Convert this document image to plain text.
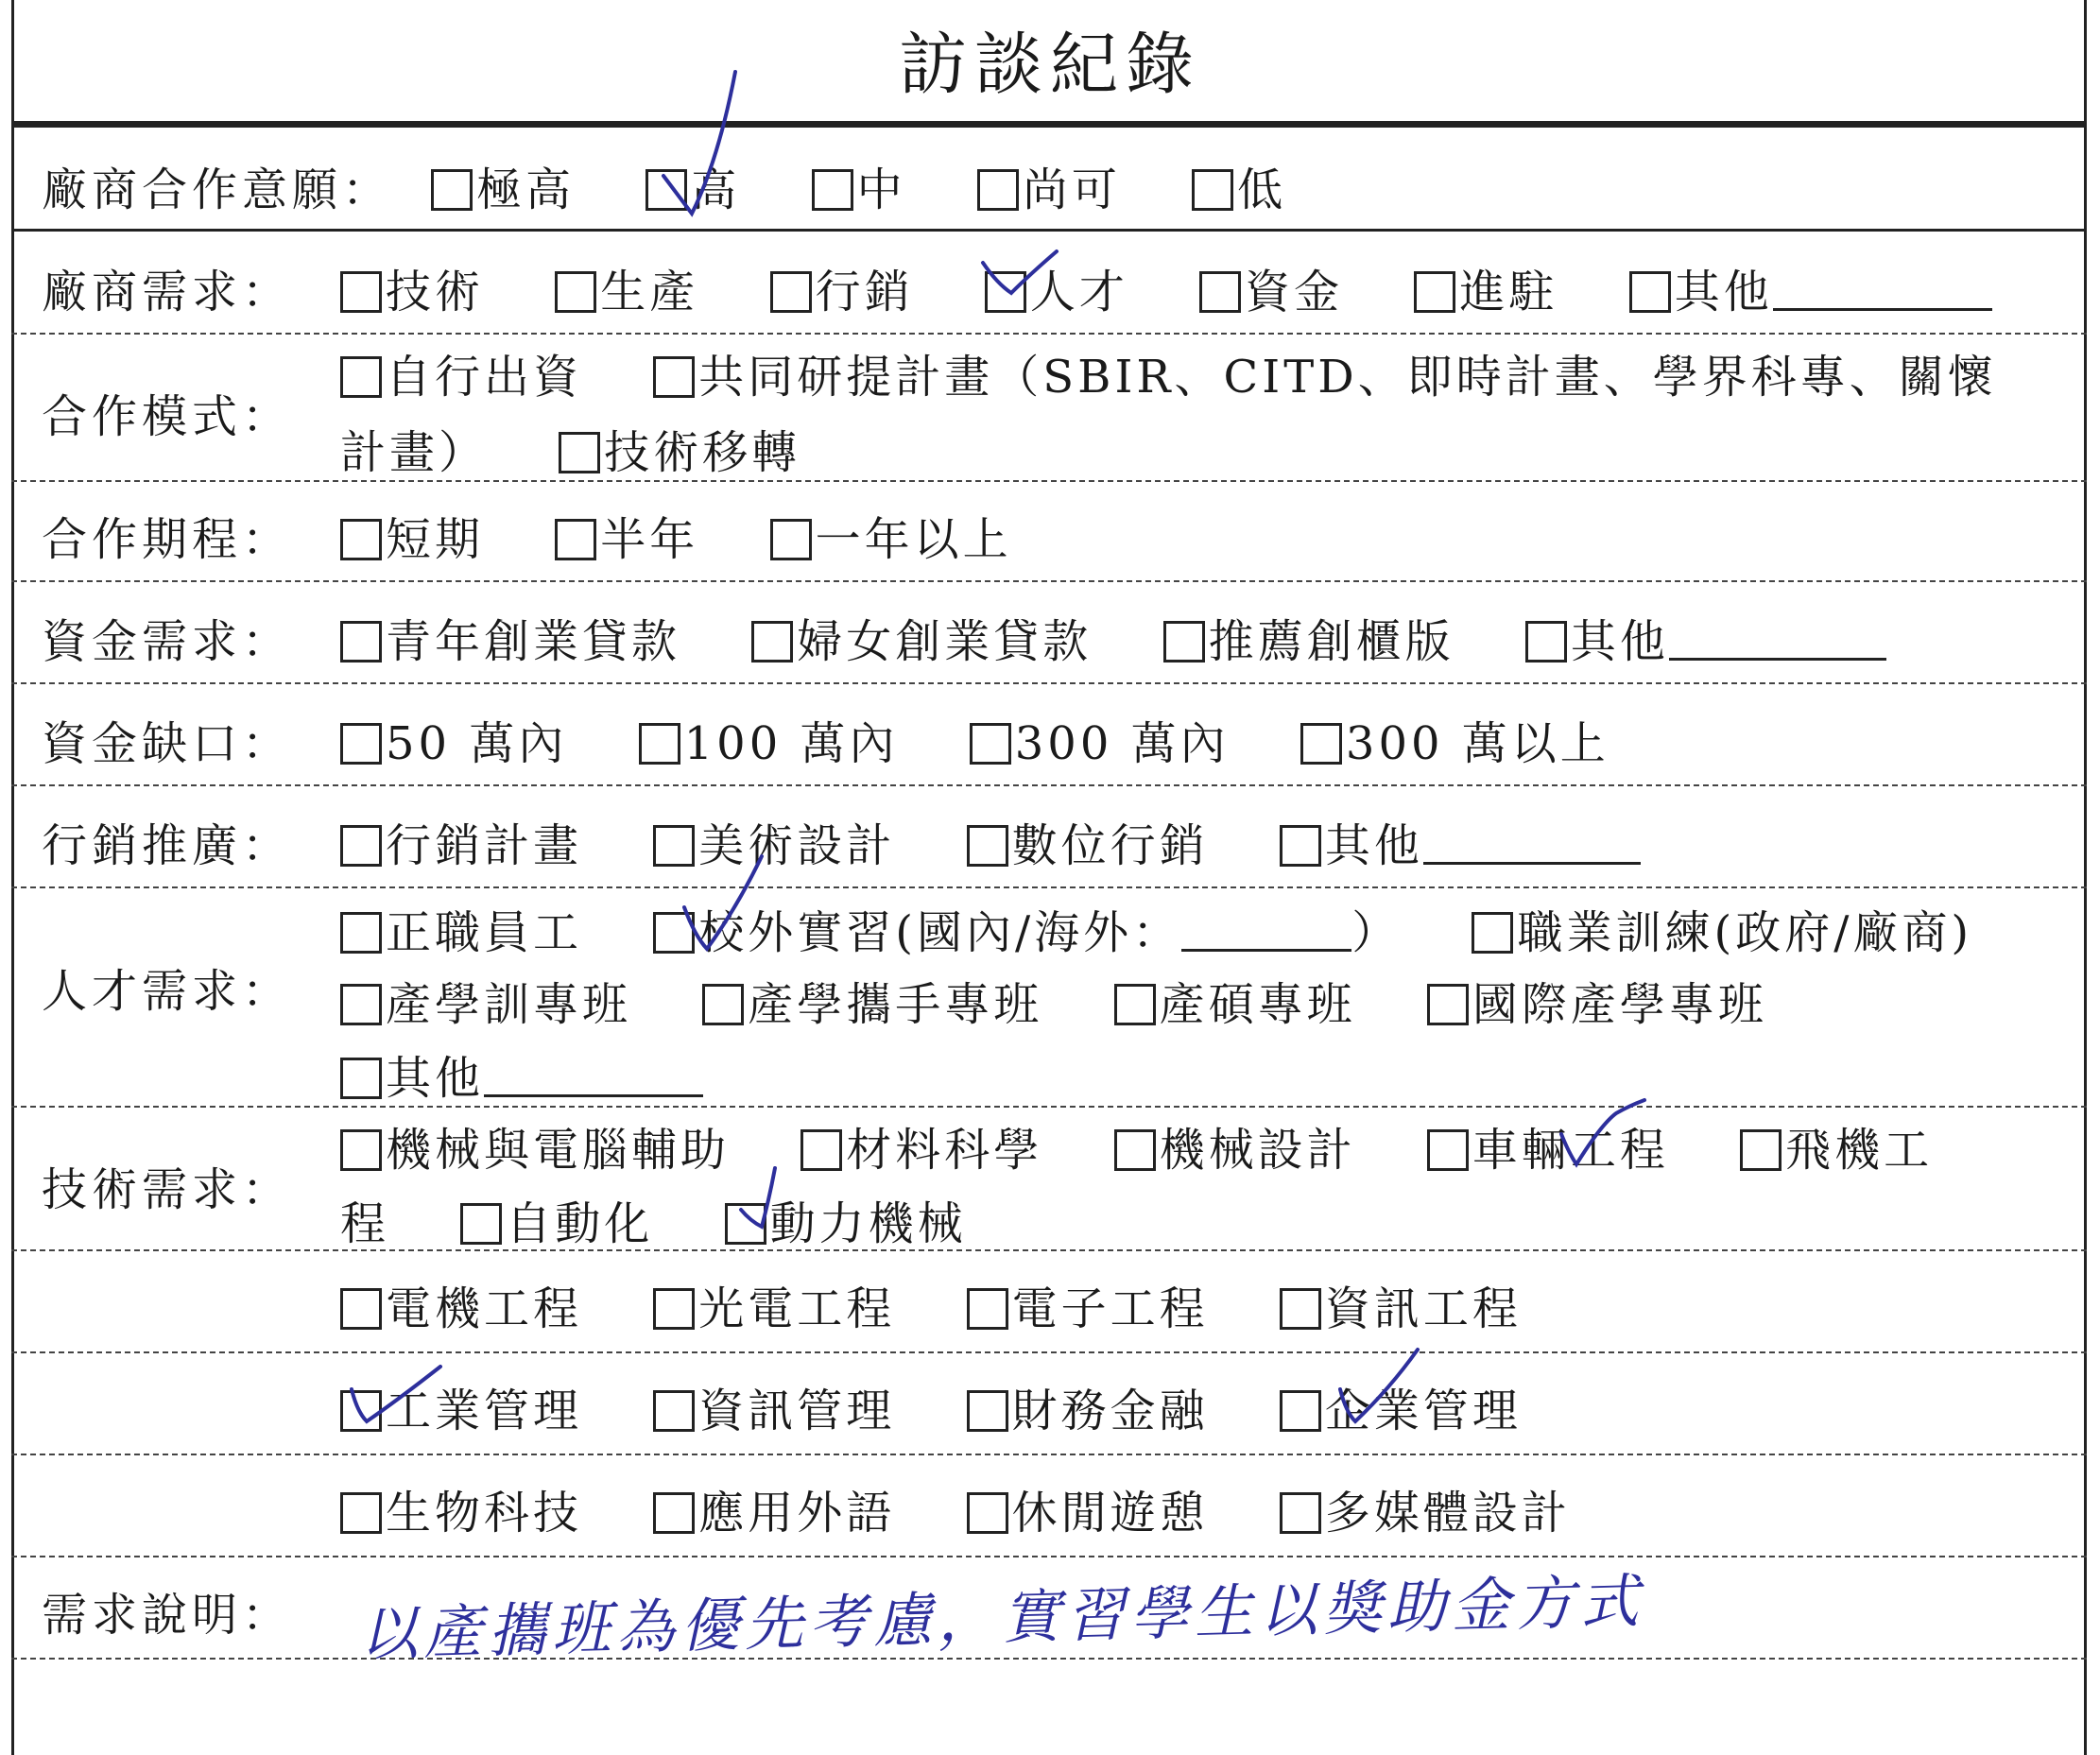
訪談紀錄
廠商合作意願：	極高	高	中	尚可	低
廠商需求：	技術	生產	行銷	人才	資金	進駐	其他
合作模式：
自行出資	共同研提計畫（SBIR、CITD、即時計畫、學界科專、關懷
計畫）	技術移轉
合作期程：	短期	半年	一年以上
資金需求：	青年創業貸款	婦女創業貸款	推薦創櫃版	其他
資金缺口：	50 萬內	100 萬內	300 萬內	300 萬以上
行銷推廣：	行銷計畫	美術設計	數位行銷	其他
人才需求：
正職員工	校外實習(國內/海外：	）	職業訓練(政府/廠商)
產學訓專班	產學攜手專班	產碩專班	國際產學專班
其他
技術需求：
機械與電腦輔助	材料科學	機械設計	車輛工程	飛機工
程	自動化	動力機械
電機工程	光電工程	電子工程	資訊工程
工業管理	資訊管理	財務金融	企業管理
生物科技	應用外語	休閒遊憩	多媒體設計
需求說明： 以產攜班為優先考慮，實習學生以獎助金方式
